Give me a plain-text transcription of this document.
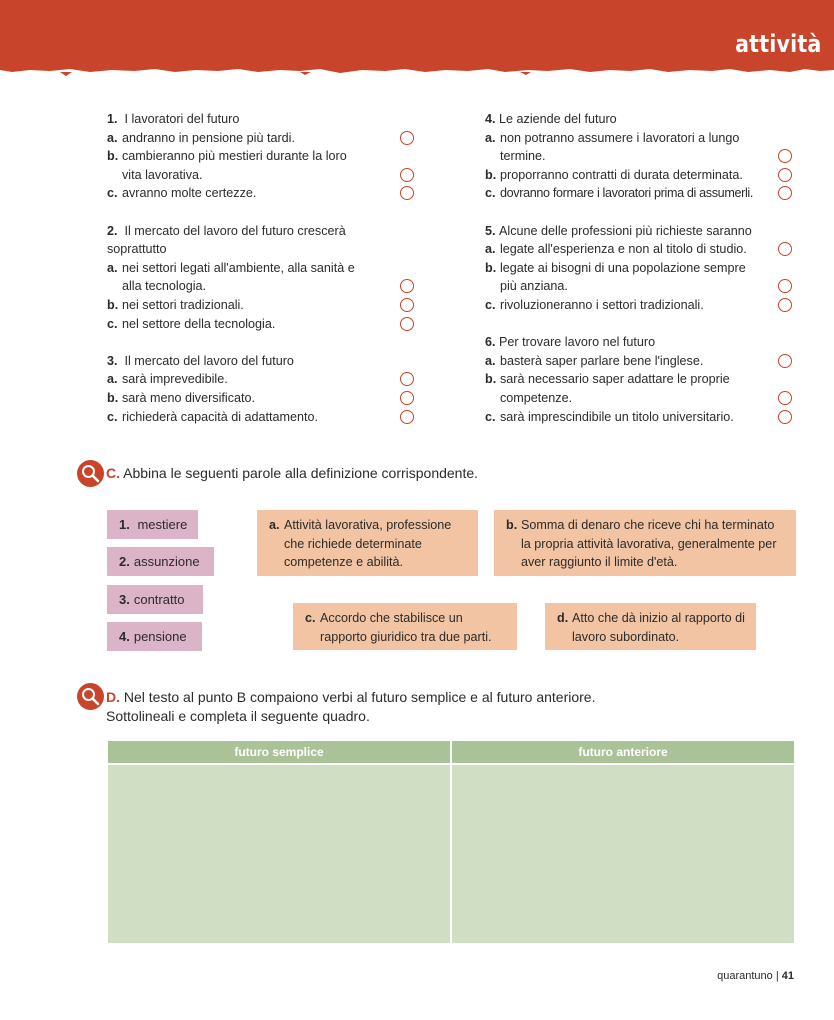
attività
1. I lavoratori del futuro
a. andranno in pensione più tardi.
b. cambieranno più mestieri durante la loro
vita lavorativa.
c. avranno molte certezze.
2. Il mercato del lavoro del futuro crescerà
soprattutto
a. nei settori legati all'ambiente, alla sanità e
alla tecnologia.
b. nei settori tradizionali.
c. nel settore della tecnologia.
3. Il mercato del lavoro del futuro
a. sarà imprevedibile.
b. sarà meno diversificato.
c. richiederà capacità di adattamento.
4. Le aziende del futuro
a. non potranno assumere i lavoratori a lungo
termine.
b. proporranno contratti di durata determinata.
c. dovranno formare i lavoratori prima di assumerli.
5. Alcune delle professioni più richieste saranno
a. legate all'esperienza e non al titolo di studio.
b. legate ai bisogni di una popolazione sempre
più anziana.
c. rivoluzioneranno i settori tradizionali.
6. Per trovare lavoro nel futuro
a. basterà saper parlare bene l'inglese.
b. sarà necessario saper adattare le proprie
competenze.
c. sarà imprescindibile un titolo universitario.
C. Abbina le seguenti parole alla definizione corrispondente.
1. mestiere
2. assunzione
3. contratto
4. pensione
a. Attività lavorativa, professione che richiede determinate competenze e abilità.
b. Somma di denaro che riceve chi ha terminato la propria attività lavorativa, generalmente per aver raggiunto il limite d'età.
c. Accordo che stabilisce un rapporto giuridico tra due parti.
d. Atto che dà inizio al rapporto di lavoro subordinato.
D. Nel testo al punto B compaiono verbi al futuro semplice e al futuro anteriore.
Sottolineali e completa il seguente quadro.
futuro semplice	futuro anteriore

quarantuno | 41
